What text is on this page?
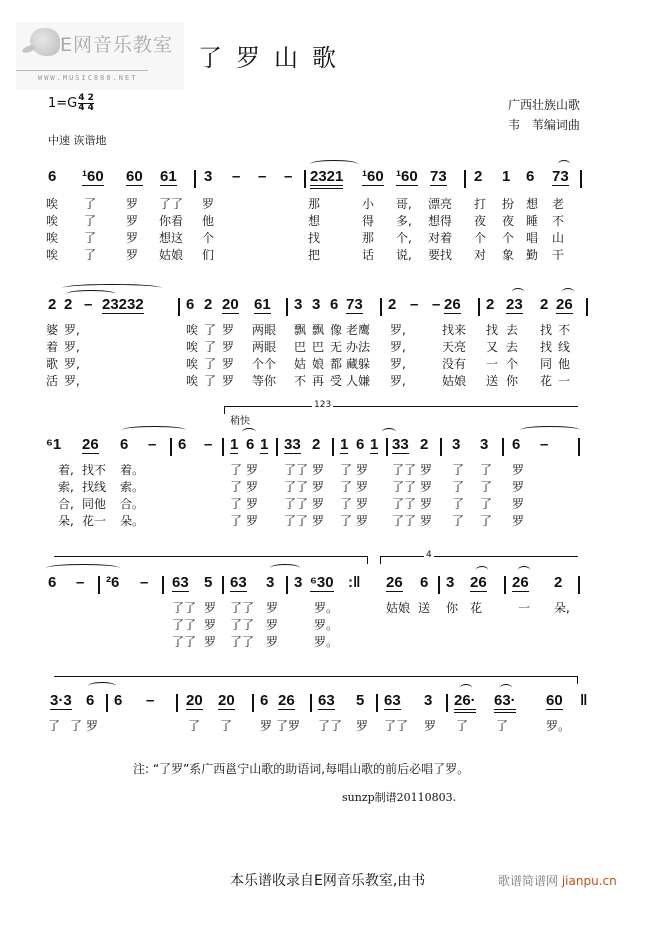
E网音乐教室
WWW.MUSIC888.NET
了罗山歌
$1=G \frac{4 2}{4 4}$	广西壮族山歌
韦 苇编词曲
中速 诙谐地
6 ¹60 60 61 3 – – – 2321 ¹60 ¹60 73 2 1 6 73
唉 了 罗 了了 罗	那	小 哥, 漂亮 打 扮 想 老
唉 了 罗 你看 他	想	得 多, 想得 夜 夜 睡 不
唉 了 罗 想这 个	找	那 个, 对着 个 个 唱 山
唉 了 罗 姑娘 们	把	话 说, 要找 对 象 勤 干
2 2 – 23232	6 2 20 61 3 3 6 73 2 – – 26 2 23 2 26
婆 罗,	唉 了 罗 两眼 飘 飘 像 老鹰 罗,	找来 找 去 找 不
着 罗,	唉 了 罗 两眼 巴 巴 无 办法 罗,	天亮 又 去 找 线
歌 罗,	唉 了 罗 个个 姑 娘 都 藏躲 罗,	没有 一 个 同 他
活 罗,	唉 了 罗 等你 不 再 受 人嫌 罗,	姑娘 送 你 花 一
123
稍快
⁶1 26 6 – 6 – 1 6 1 33 2 1 6 1 33 2 3 3 6 –
着, 找不 着。	了 罗 了了 罗 了 罗 了了 罗 了 了 罗
索, 找线 索。	了 罗 了了 罗 了 罗 了了 罗 了 了 罗
合, 同他 合。	了 罗 了了 罗 了 罗 了了 罗 了 了 罗
朵, 花一 朵。	了 罗 了了 罗 了 罗 了了 罗 了 了 罗
4
6 – ²6 – 63 5 63 3 3 ⁶30 :‖ 26 6 3 26 26 2
了了 罗 了了 罗	罗。	姑娘 送 你 花	一 朵,
了了 罗 了了 罗	罗。
了了 罗 了了 罗	罗。
3·3 6 6 – 20 20 6 26 63 5 63 3 26· 63· 60 ‖
了 了 罗	了 了 罗 了罗 了了 罗 了了 罗 了 了	罗。
注: “了罗”系广西邕宁山歌的助语词,每唱山歌的前后必唱了罗。
sunzp制谱20110803.
本乐谱收录自E网音乐教室,由书	歌谱简谱网 jianpu.cn
